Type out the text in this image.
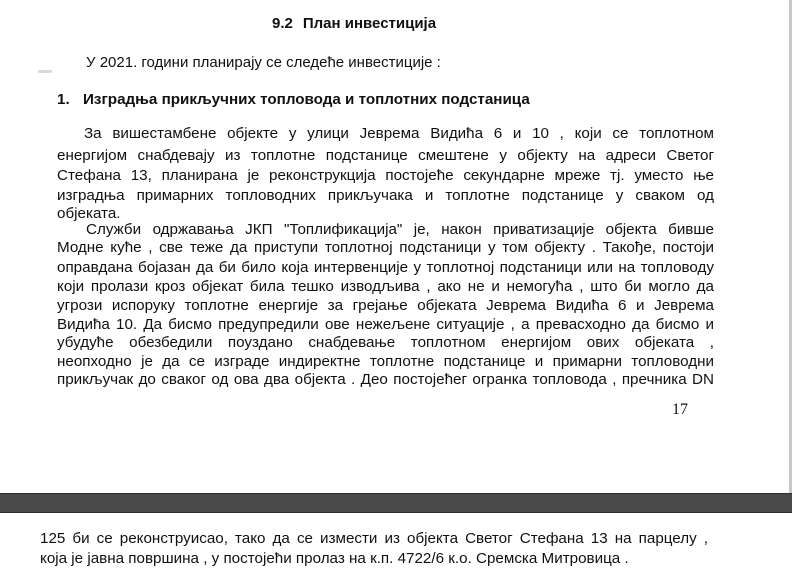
9.2 План инвестиција
У 2021. години планирају се следеће инвестиције :
1. Изградња прикључних топловода и топлотних подстаница
За вишестамбене објекте у улици Јеврема Видића 6 и 10 , који се топлотном
енергијом снабдевају из топлотне подстанице смештене у објекту на адреси Светог
Стефана 13, планирана је реконструкција постојеће секундарне мреже тј. уместо ње
изградња примарних топловодних прикључака и топлотне подстанице у сваком од
објеката.
Служби одржавања ЈКП "Топлификација" је, након приватизације објекта бивше
Модне куће , све теже да приступи топлотној подстаници у том објекту . Такође, постоји
оправдана бојазан да би било која интервенције у топлотној подстаници или на топловоду
који пролази кроз објекат била тешко изводљива , ако не и немогућа , што би могло да
угрози испоруку топлотне енергије за грејање објеката Јеврема Видића 6 и Јеврема
Видића 10. Да бисмо предупредили ове нежељене ситуације , а превасходно да бисмо и
убудуће обезбедили поуздано снабдевање топлотном енергијом ових објеката ,
неопходно је да се изграде индиректне топлотне подстанице и примарни топловодни
прикључак до сваког од ова два објекта . Део постојећег огранка топловода , пречника DN
17
125 би се реконструисао, тако да се измести из објекта Светог Стефана 13 на парцелу ,
која је јавна површина , у постојећи пролаз на к.п. 4722/6 к.о. Сремска Митровица .
